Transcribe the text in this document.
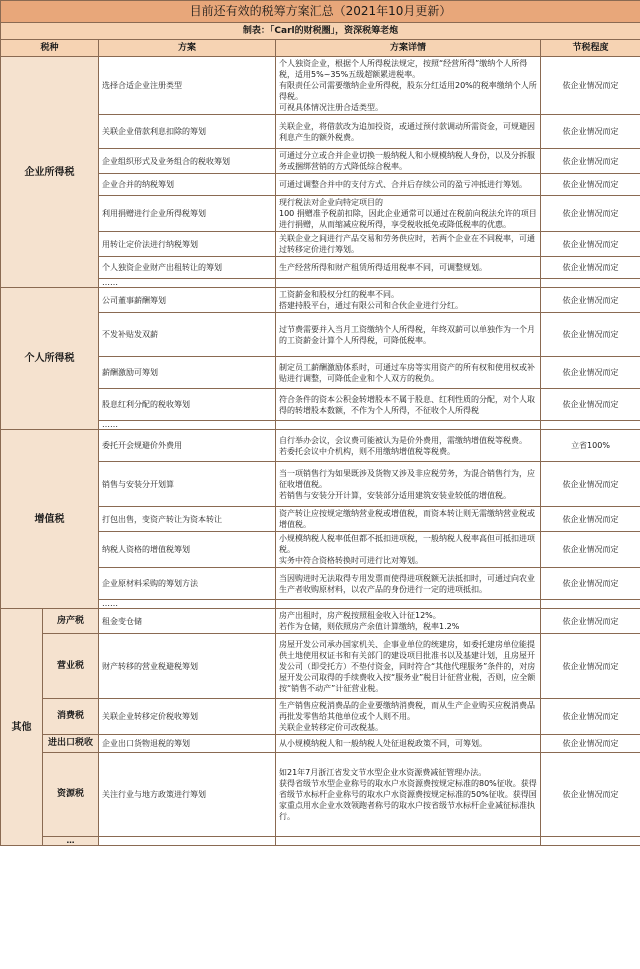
目前还有效的税筹方案汇总（2021年10月更新）				
制表：「Carl的财税圈」，资深税筹老炮				
税种		方案	方案详情	节税程度
企业所得税		选择合适企业注册类型	个人独资企业，根据个人所得税法规定，按照“经营所得”缴纳个人所得税，适用5%~35%五级超额累进税率。
有限责任公司需要缴纳企业所得税，股东分红适用20%的税率缴纳个人所得税。
可视具体情况注册合适类型。	依企业情况而定
		关联企业借款利息扣除的筹划	关联企业，将借款改为追加投资，或通过预付款调动所需资金，可规避因利息产生的额外税费。	依企业情况而定
		企业组织形式及业务组合的税收筹划	可通过分立或合并企业切换一般纳税人和小规模纳税人身份，以及分拆服务或捆绑营销的方式降低综合税率。	依企业情况而定
		企业合并的纳税筹划	可通过调整合并中的支付方式、合并后存续公司的盈亏冲抵进行筹划。	依企业情况而定
		利用捐赠进行企业所得税筹划	现行税法对企业向特定项目的
100 捐赠准予税前扣除，因此企业通常可以通过在税前向税法允许的项目进行捐赠，从而缩减应税所得，享受税收抵免或降低税率的优惠。	依企业情况而定
		用转让定价法进行纳税筹划	关联企业之间进行产品交易和劳务供应时，若两个企业在不同税率，可通过转移定价进行筹划。	依企业情况而定
		个人独资企业财产出租转让的筹划	生产经营所得和财产租赁所得适用税率不同，可调整规划。	依企业情况而定
		……		
个人所得税		公司董事薪酬筹划	工资薪金和股权分红的税率不同。
搭建持股平台，通过有限公司和合伙企业进行分红。	依企业情况而定
		不发补贴发双薪	过节费需要并入当月工资缴纳个人所得税，年终双薪可以单独作为一个月的工资薪金计算个人所得税，可降低税率。	依企业情况而定
		薪酬激励可筹划	制定员工薪酬激励体系时，可通过车房等实用资产的所有权和使用权或补贴进行调整，可降低企业和个人双方的税负。	依企业情况而定
		股息红利分配的税收筹划	符合条件的资本公积金转增股本不属于股息、红利性质的分配，对个人取得的转增股本数额，不作为个人所得，不征收个人所得税	依企业情况而定
		……		
增值税		委托开会规避价外费用	自行举办会议，会议费可能被认为是价外费用，需缴纳增值税等税费。
若委托会议中介机构，则不用缴纳增值税等税费。	立省100%
		销售与安装分开划算	当一项销售行为如果既涉及货物又涉及非应税劳务，为混合销售行为，应征收增值税。
若销售与安装分开计算，安装部分适用建筑安装业较低的增值税。	依企业情况而定
		打包出售，变资产转让为资本转让	资产转让应按规定缴纳营业税或增值税，而资本转让则无需缴纳营业税或增值税。	依企业情况而定
		纳税人资格的增值税筹划	小规模纳税人税率低但都不抵扣进项税，一般纳税人税率高但可抵扣进项税。
实务中符合资格转换时可进行比对筹划。	依企业情况而定
		企业原材料采购的筹划方法	当因购进时无法取得专用发票而使得进项税额无法抵扣时，可通过向农业生产者收购原材料，以农产品的身份进行一定的进项抵扣。	依企业情况而定
		……		
其他	房产税	租金变仓储	房产出租时，房产税按照租金收入计征12%。
若作为仓储，则依照房产余值计算缴纳，税率1.2%	依企业情况而定
	营业税	财产转移的营业税避税筹划	房屋开发公司承办国家机关、企事业单位的统建房，如委托建房单位能提供土地使用权证书和有关部门的建设项目批准书以及基建计划，且房屋开发公司（即受托方）不垫付资金，同时符合“其他代理服务”条件的，对房屋开发公司取得的手续费收入按“服务业”税目计征营业税，否则，应全额按“销售不动产”计征营业税。	依企业情况而定
	消费税	关联企业转移定价税收筹划	生产销售应税消费品的企业要缴纳消费税，而从生产企业购买应税消费品再批发零售给其他单位或个人则不用。
关联企业转移定价可改税基。	依企业情况而定
	进出口税收	企业出口货物退税的筹划	从小规模纳税人和一般纳税人处征退税政策不同，可筹划。	依企业情况而定
	资源税	关注行业与地方政策进行筹划	如21年7月浙江省发文节水型企业水资源费减征管理办法。
获得省级节水型企业称号的取水户水资源费按规定标准的80%征收。获得省级节水标杆企业称号的取水户水资源费按规定标准的50%征收。获得国家重点用水企业水效领跑者称号的取水户按省级节水标杆企业减征标准执行。	依企业情况而定
	…			
